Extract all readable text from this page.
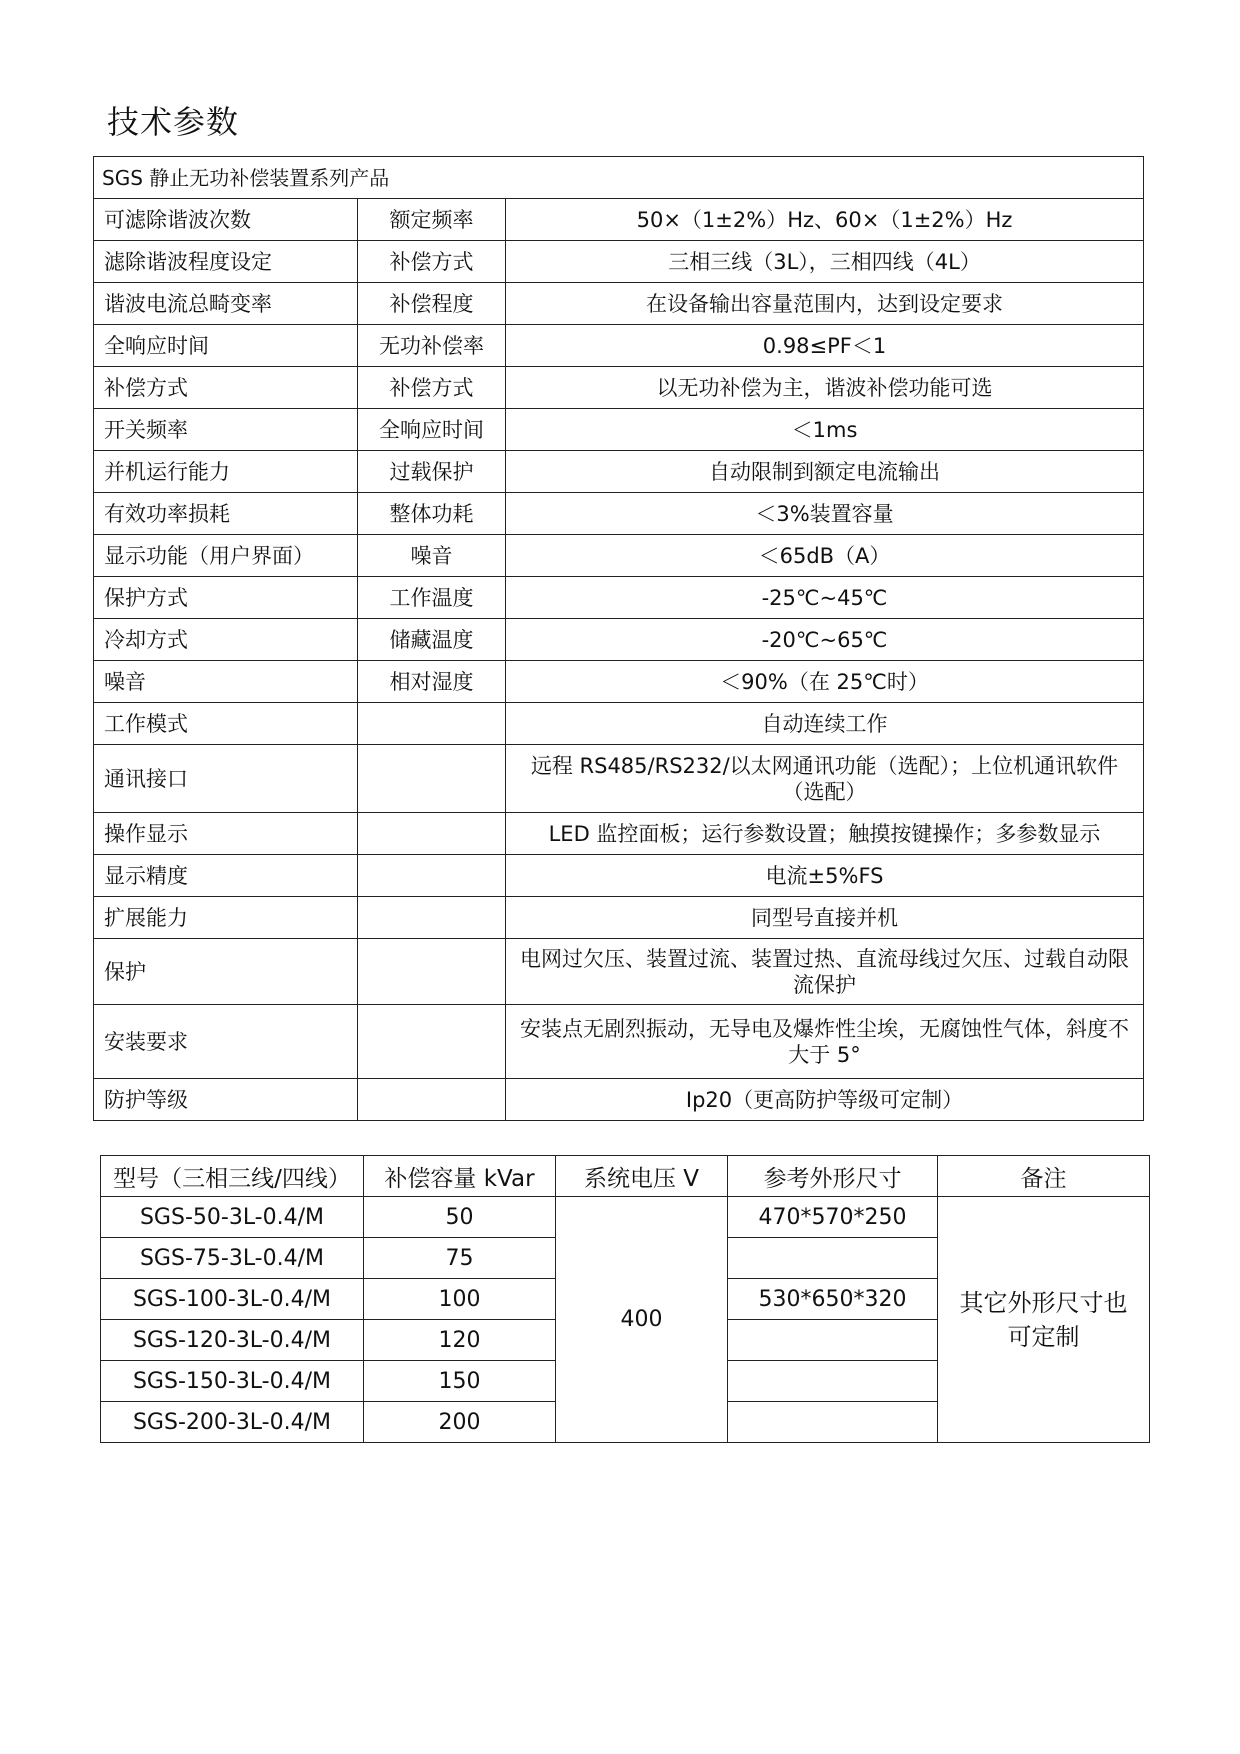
技术参数
SGS 静止无功补偿装置系列产品		
可滤除谐波次数	额定频率	50×（1±2%）Hz、60×（1±2%）Hz
滤除谐波程度设定	补偿方式	三相三线（3L），三相四线（4L）
谐波电流总畸变率	补偿程度	在设备输出容量范围内，达到设定要求
全响应时间	无功补偿率	0.98≤PF＜1
补偿方式	补偿方式	以无功补偿为主，谐波补偿功能可选
开关频率	全响应时间	＜1ms
并机运行能力	过载保护	自动限制到额定电流输出
有效功率损耗	整体功耗	＜3%装置容量
显示功能（用户界面）	噪音	＜65dB（A）
保护方式	工作温度	-25℃~45℃
冷却方式	储藏温度	-20℃~65℃
噪音	相对湿度	＜90%（在 25℃时）
工作模式		自动连续工作
通讯接口		远程 RS485/RS232/以太网通讯功能（选配）；上位机通讯软件（选配）
操作显示		LED 监控面板；运行参数设置；触摸按键操作；多参数显示
显示精度		电流±5%FS
扩展能力		同型号直接并机
保护		电网过欠压、装置过流、装置过热、直流母线过欠压、过载自动限流保护
安装要求		安装点无剧烈振动，无导电及爆炸性尘埃，无腐蚀性气体，斜度不大于 5°
防护等级		Ip20（更高防护等级可定制）
型号（三相三线/四线）	补偿容量 kVar	系统电压 V	参考外形尺寸	备注
SGS-50-3L-0.4/M	50	400	470*570*250	其它外形尺寸也可定制
SGS-75-3L-0.4/M	75			
SGS-100-3L-0.4/M	100		530*650*320	
SGS-120-3L-0.4/M	120			
SGS-150-3L-0.4/M	150			
SGS-200-3L-0.4/M	200			
